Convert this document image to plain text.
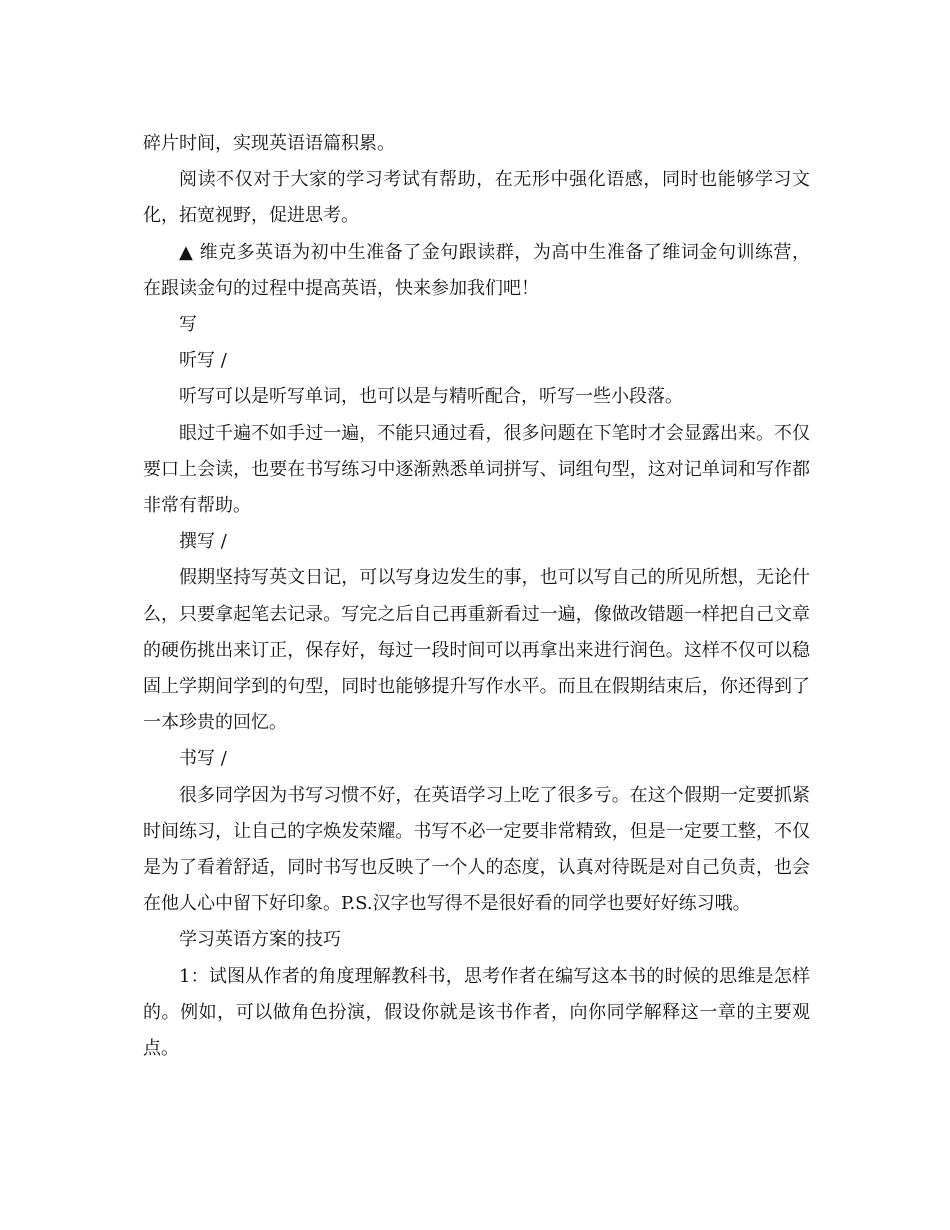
碎片时间，实现英语语篇积累。

阅读不仅对于大家的学习考试有帮助，在无形中强化语感，同时也能够学习文化，拓宽视野，促进思考。

▲ 维克多英语为初中生准备了金句跟读群，为高中生准备了维词金句训练营，在跟读金句的过程中提高英语，快来参加我们吧！

写

听写 /

听写可以是听写单词，也可以是与精听配合，听写一些小段落。

眼过千遍不如手过一遍，不能只通过看，很多问题在下笔时才会显露出来。不仅要口上会读，也要在书写练习中逐渐熟悉单词拼写、词组句型，这对记单词和写作都非常有帮助。

撰写 /

假期坚持写英文日记，可以写身边发生的事，也可以写自己的所见所想，无论什么，只要拿起笔去记录。写完之后自己再重新看过一遍，像做改错题一样把自己文章的硬伤挑出来订正，保存好，每过一段时间可以再拿出来进行润色。这样不仅可以稳固上学期间学到的句型，同时也能够提升写作水平。而且在假期结束后，你还得到了一本珍贵的回忆。

书写 /

很多同学因为书写习惯不好，在英语学习上吃了很多亏。在这个假期一定要抓紧时间练习，让自己的字焕发荣耀。书写不必一定要非常精致，但是一定要工整，不仅是为了看着舒适，同时书写也反映了一个人的态度，认真对待既是对自己负责，也会在他人心中留下好印象。P.S.汉字也写得不是很好看的同学也要好好练习哦。

学习英语方案的技巧

1：试图从作者的角度理解教科书，思考作者在编写这本书的时候的思维是怎样的。例如，可以做角色扮演，假设你就是该书作者，向你同学解释这一章的主要观点。
